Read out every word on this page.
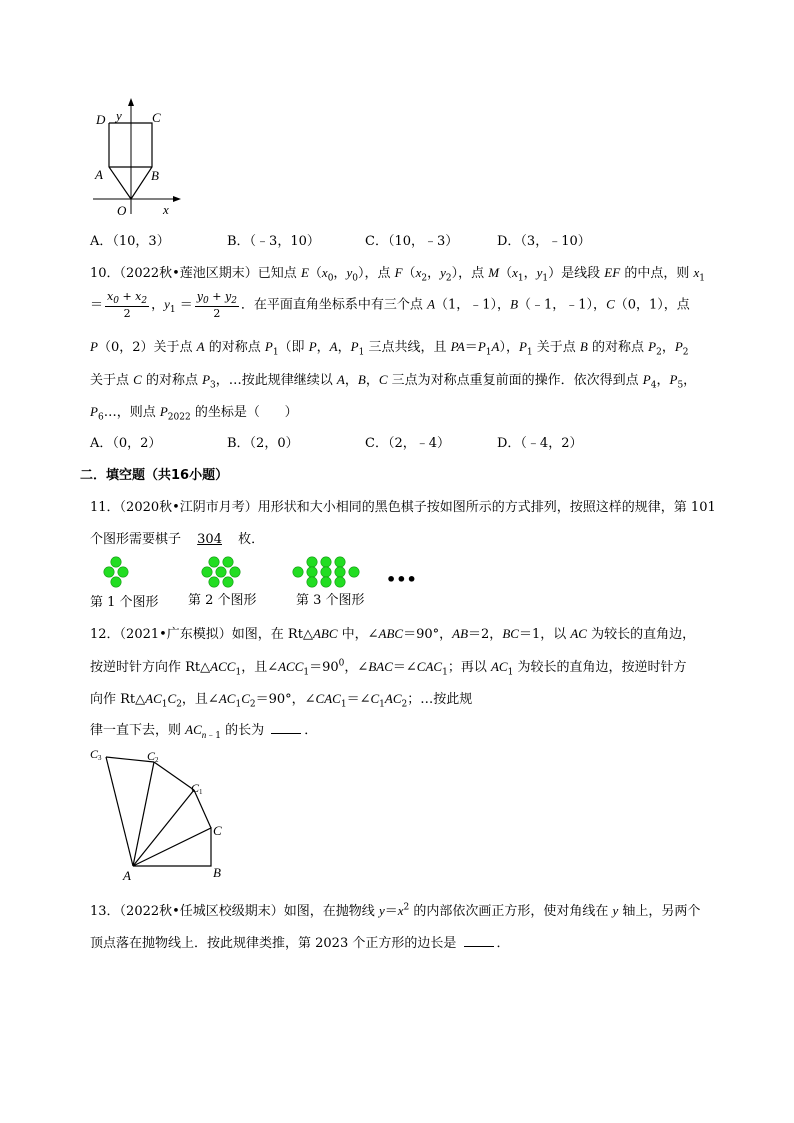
D y C
A	B
O	x
A．（10，3）	B．（﹣3，10）	C．（10，﹣3）	D．（3，﹣10）
10．（2022秋•莲池区期末）已知点 $E(x_0$，$y_0$），点 $F(x_2$，$y_2$），点 $M(x_1$，$y_1$）是线段 EF 的中点，则 $x_1$
＝ $\frac{x_0 + x_2}{2}$ ，$y_1 = \frac{y_0 + y_2}{2}$ ．在平面直角坐标系中有三个点 A（1，﹣1），B（﹣1，﹣1），C（0，1），点
P（0，2）关于点 A 的对称点 $P_1$（即 P，A，$P_1$ 三点共线，且 $PA=P_1A$），$P_1$ 关于点 B 的对称点 $P_2$，$P_2$
关于点 C 的对称点 $P_3$，…按此规律继续以 A，B，C 三点为对称点重复前面的操作．依次得到点 $P_4$，$P_5$，
$P_6\dots$，则点 $P_{2022}$ 的坐标是（      ）
A．（0，2）	B．（2，0）	C．（2，﹣4）	D．（﹣4，2）
二．填空题（共16小题）
11．（2020秋•江阴市月考）用形状和大小相同的黑色棋子按如图所示的方式排列，按照这样的规律，第 101
个图形需要棋子 304 枚．
•••
第 1 个图形 第 2 个图形	第 3 个图形
12．（2021•广东模拟）如图，在 Rt△ABC 中，∠ABC＝90°，AB＝2，BC＝1，以 AC 为较长的直角边，
按逆时针方向作 $Rt\triangle ACC_1$，且$\angle ACC_1=90^0$，$\angle BAC=\angle CAC_1$；再以 $AC_1$ 为较长的直角边，按逆时针方
向作 $Rt\triangle AC_1C_2$，且$\angle AC_1C_2=90^\circ$，$\angle CAC_1=\angle C_1AC_2$；…按此规
律一直下去，则 $AC_{n﹣1}$ 的长为	．
C 3	C 2
C 1
C
A	B
13．（2022秋•任城区校级期末）如图，在抛物线 $y=x^2$ 的内部依次画正方形，使对角线在 y 轴上，另两个
顶点落在抛物线上．按此规律类推，第 2023 个正方形的边长是	．
